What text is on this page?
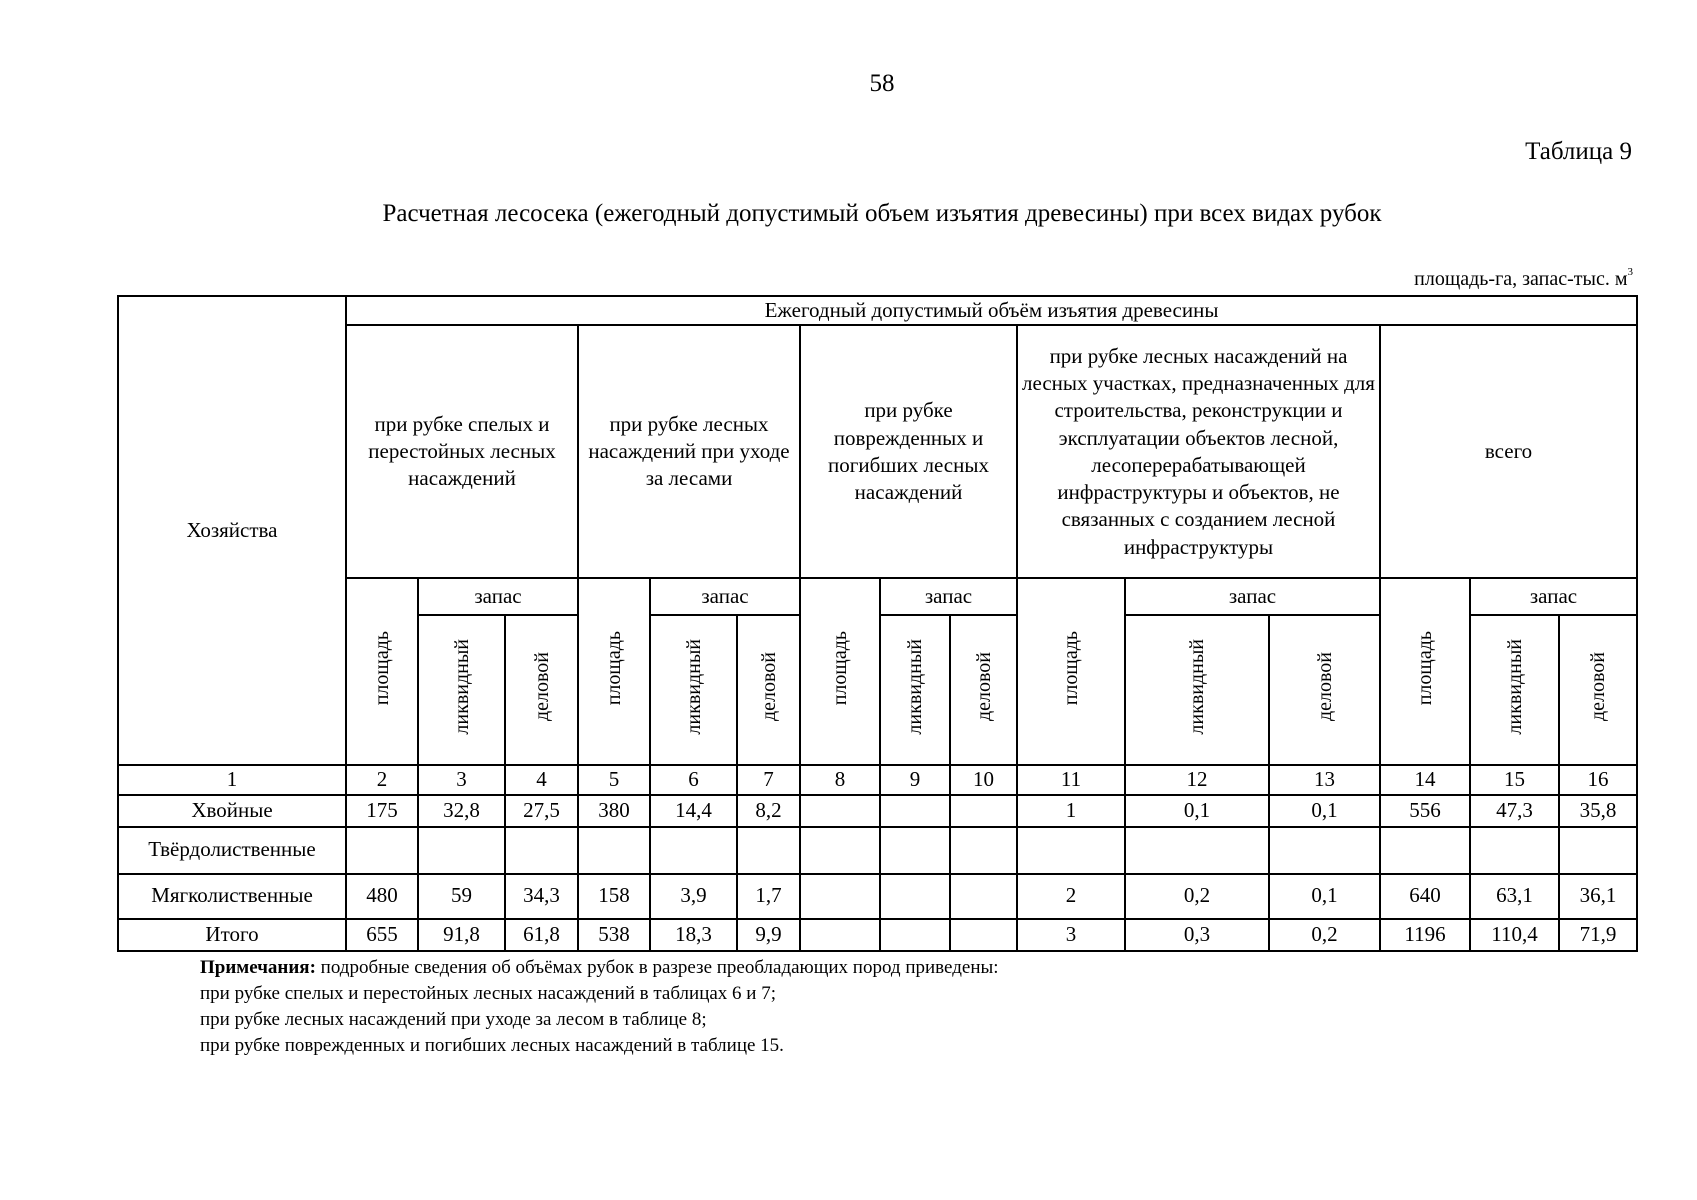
58
Таблица 9
Расчетная лесосека (ежегодный допустимый объем изъятия древесины) при всех видах рубок
площадь-га, запас-тыс. $м^3$
Хозяйства	Ежегодный допустимый объём изъятия древесины														
	при рубке спелых и перестойных лесных насаждений			при рубке лесных насаждений при уходе за лесами			при рубке поврежденных и погибших лесных насаждений			при рубке лесных насаждений на лесных участках, предназначенных для строительства, реконструкции и эксплуатации объектов лесной, лесоперерабатывающей инфраструктуры и объектов, не связанных с созданием лесной инфраструктуры			всего		
	площадь	запас		площадь	запас		площадь	запас		площадь	запас		площадь	запас	
		ликвидный	деловой		ликвидный	деловой		ликвидный	деловой		ликвидный	деловой		ликвидный	деловой
1	2	3	4	5	6	7	8	9	10	11	12	13	14	15	16
Хвойные	175	32,8	27,5	380	14,4	8,2				1	0,1	0,1	556	47,3	35,8
Твёрдолиственные															
Мягколиственные	480	59	34,3	158	3,9	1,7				2	0,2	0,1	640	63,1	36,1
Итого	655	91,8	61,8	538	18,3	9,9				3	0,3	0,2	1196	110,4	71,9
Примечания: подробные сведения об объёмах рубок в разрезе преобладающих пород приведены:
при рубке спелых и перестойных лесных насаждений в таблицах 6 и 7;
при рубке лесных насаждений при уходе за лесом в таблице 8;
при рубке поврежденных и погибших лесных насаждений в таблице 15.
